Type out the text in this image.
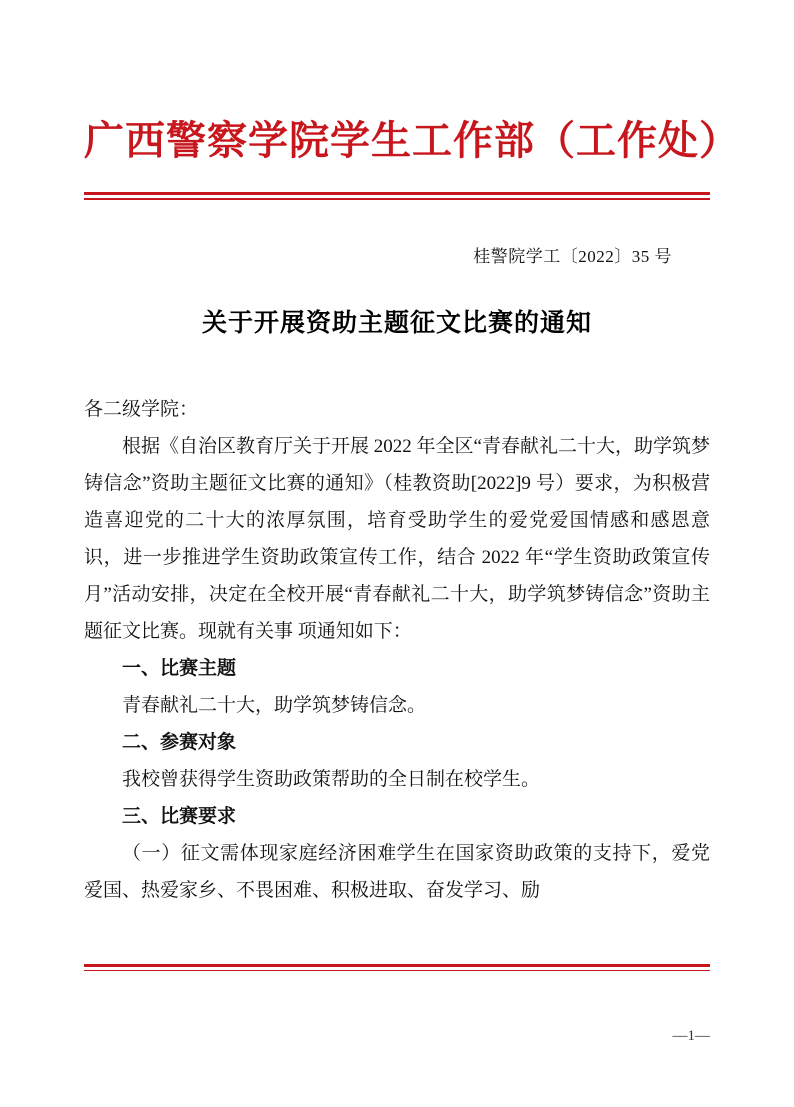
广西警察学院学生工作部（工作处）
桂警院学工〔2022〕35 号
关于开展资助主题征文比赛的通知
各二级学院：
根据《自治区教育厅关于开展 2022 年全区“青春献礼二十大，助学筑梦铸信念”资助主题征文比赛的通知》（桂教资助[2022]9 号）要求，为积极营造喜迎党的二十大的浓厚氛围，培育受助学生的爱党爱国情感和感恩意识，进一步推进学生资助政策宣传工作，结合 2022 年“学生资助政策宣传月”活动安排，决定在全校开展“青春献礼二十大，助学筑梦铸信念”资助主题征文比赛。现就有关事 项通知如下：
一、比赛主题
青春献礼二十大，助学筑梦铸信念。
二、参赛对象
我校曾获得学生资助政策帮助的全日制在校学生。
三、比赛要求
（一）征文需体现家庭经济困难学生在国家资助政策的支持下，爱党爱国、热爱家乡、不畏困难、积极进取、奋发学习、励
—1—
